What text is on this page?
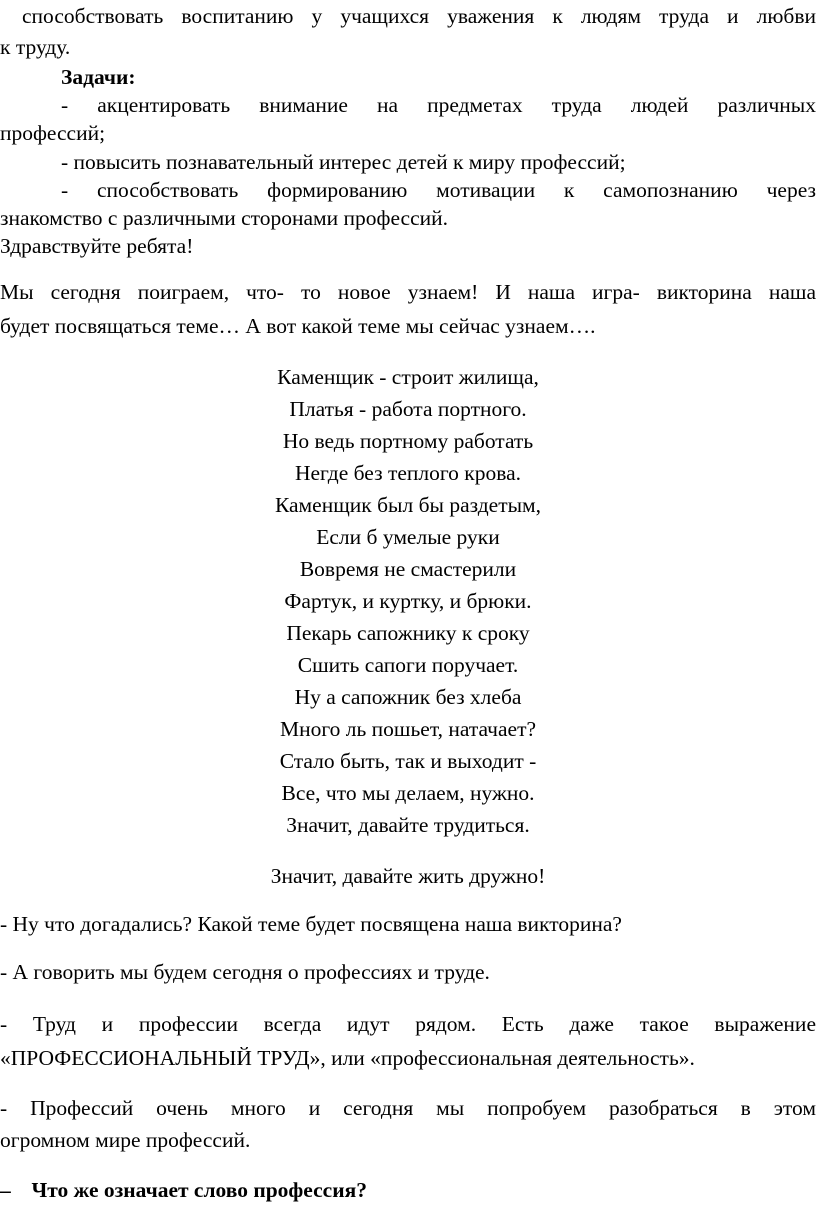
способствовать воспитанию у учащихся уважения к людям труда и любви
к труду.
Задачи:
- акцентировать внимание на предметах труда людей различных
профессий;
- повысить познавательный интерес детей к миру профессий;
- способствовать формированию мотивации к самопознанию через
знакомство с различными сторонами профессий.
Здравствуйте ребята!
Мы сегодня поиграем, что- то новое узнаем! И наша игра- викторина наша
будет посвящаться теме… А вот какой теме мы сейчас узнаем….
Каменщик - строит жилища,
Платья - работа портного.
Но ведь портному работать
Негде без теплого крова.
Каменщик был бы раздетым,
Если б умелые руки
Вовремя не смастерили
Фартук, и куртку, и брюки.
Пекарь сапожнику к сроку
Сшить сапоги поручает.
Ну а сапожник без хлеба
Много ль пошьет, натачает?
Стало быть, так и выходит -
Все, что мы делаем, нужно.
Значит, давайте трудиться.
Значит, давайте жить дружно!
- Ну что догадались? Какой теме будет посвящена наша викторина?
- А говорить мы будем сегодня о профессиях и труде.
- Труд и профессии всегда идут рядом. Есть даже такое выражение
«ПРОФЕССИОНАЛЬНЫЙ ТРУД», или «профессиональная деятельность».
- Профессий очень много и сегодня мы попробуем разобраться в этом
огромном мире профессий.
– Что же означает слово профессия?
